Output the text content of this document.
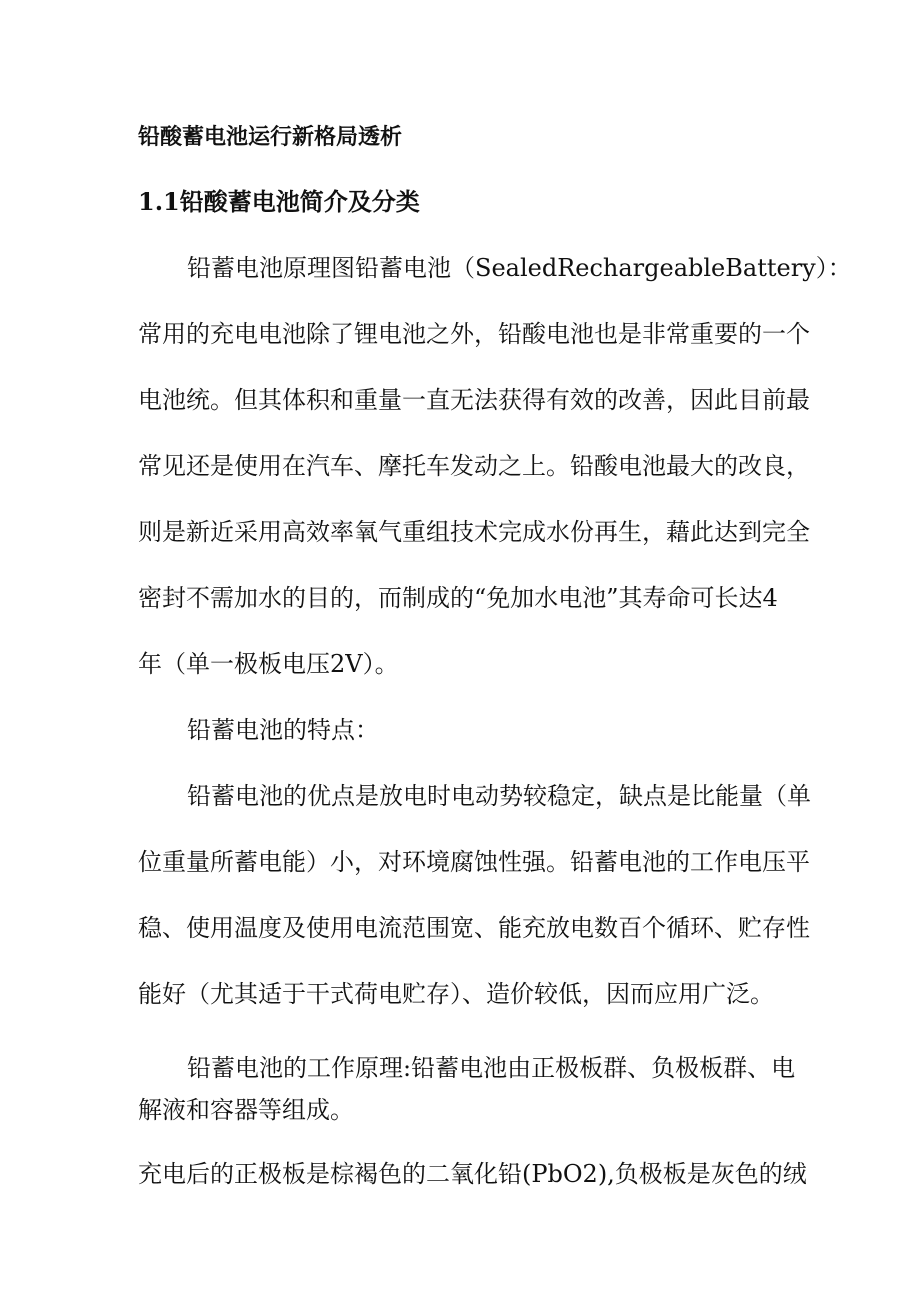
铅酸蓄电池运行新格局透析
1.1铅酸蓄电池简介及分类
铅蓄电池原理图铅蓄电池（SealedRechargeableBattery）：
常用的充电电池除了锂电池之外，铅酸电池也是非常重要的一个
电池统。但其体积和重量一直无法获得有效的改善，因此目前最
常见还是使用在汽车、摩托车发动之上。铅酸电池最大的改良，
则是新近采用高效率氧气重组技术完成水份再生，藉此达到完全
密封不需加水的目的，而制成的“免加水电池”其寿命可长达4
年（单一极板电压2V）。
铅蓄电池的特点：
铅蓄电池的优点是放电时电动势较稳定，缺点是比能量（单
位重量所蓄电能）小，对环境腐蚀性强。铅蓄电池的工作电压平
稳、使用温度及使用电流范围宽、能充放电数百个循环、贮存性
能好（尤其适于干式荷电贮存）、造价较低，因而应用广泛。
铅蓄电池的工作原理:铅蓄电池由正极板群、负极板群、电
解液和容器等组成。
充电后的正极板是棕褐色的二氧化铅(PbO2),负极板是灰色的绒
